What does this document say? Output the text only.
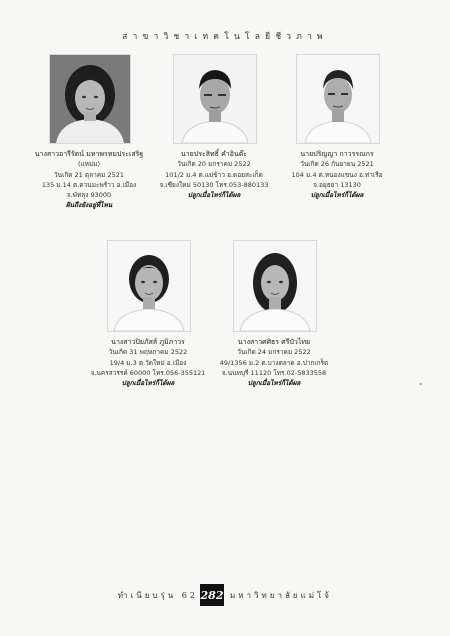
สาขาวิชาเทคโนโลยีชีวภาพ
นางสาวอารีรัตน์ มหาพรหมประเสริฐ
(แหม่ม)
วันเกิด 21 ตุลาคม 2521
135 ม.14 ต.ควนมะพร้าว อ.เมือง
จ.พัทลุง 93000
ฝันถึงยังอยู่ที่ไหน
นายประสิทธิ์ คำอินต๊ะ
วันเกิด 20 มกราคม 2522
101/2 ม.4 ต.แม่ข้าว อ.ดอยสะเก็ด
จ.เชียงใหม่ 50130 โทร.053-880133
ปลูกเมื่อไหร่ก็ได้ผล
นายปริญญา กาวรรณกร
วันเกิด 26 กันยายน 2521
104 ม.4 ต.หนองแขนง อ.ท่าเรือ
จ.อยุธยา 13130
ปลูกเมื่อไหร่ก็ได้ผล
นางสาวปิยภัสส์ ภูมิภาวร
วันเกิด 31 พฤษภาคม 2522
19/4 ม.3 ต.วัดใหม่ อ.เมือง
จ.นครสวรรค์ 60000 โทร.056-355121
ปลูกเมื่อไหร่ก็ได้ผล
นางสาวศศิธร ศรีบัวไทย
วันเกิด 24 มกราคม 2522
49/1356 ม.2 ต.บางตลาด อ.ปากเกร็ด
จ.นนทบุรี 11120 โทร.02-5833558
ปลูกเมื่อไหร่ก็ได้ผล
ทำเนียบรุ่น 62 282 มหาวิทยาลัยแม่โจ้
